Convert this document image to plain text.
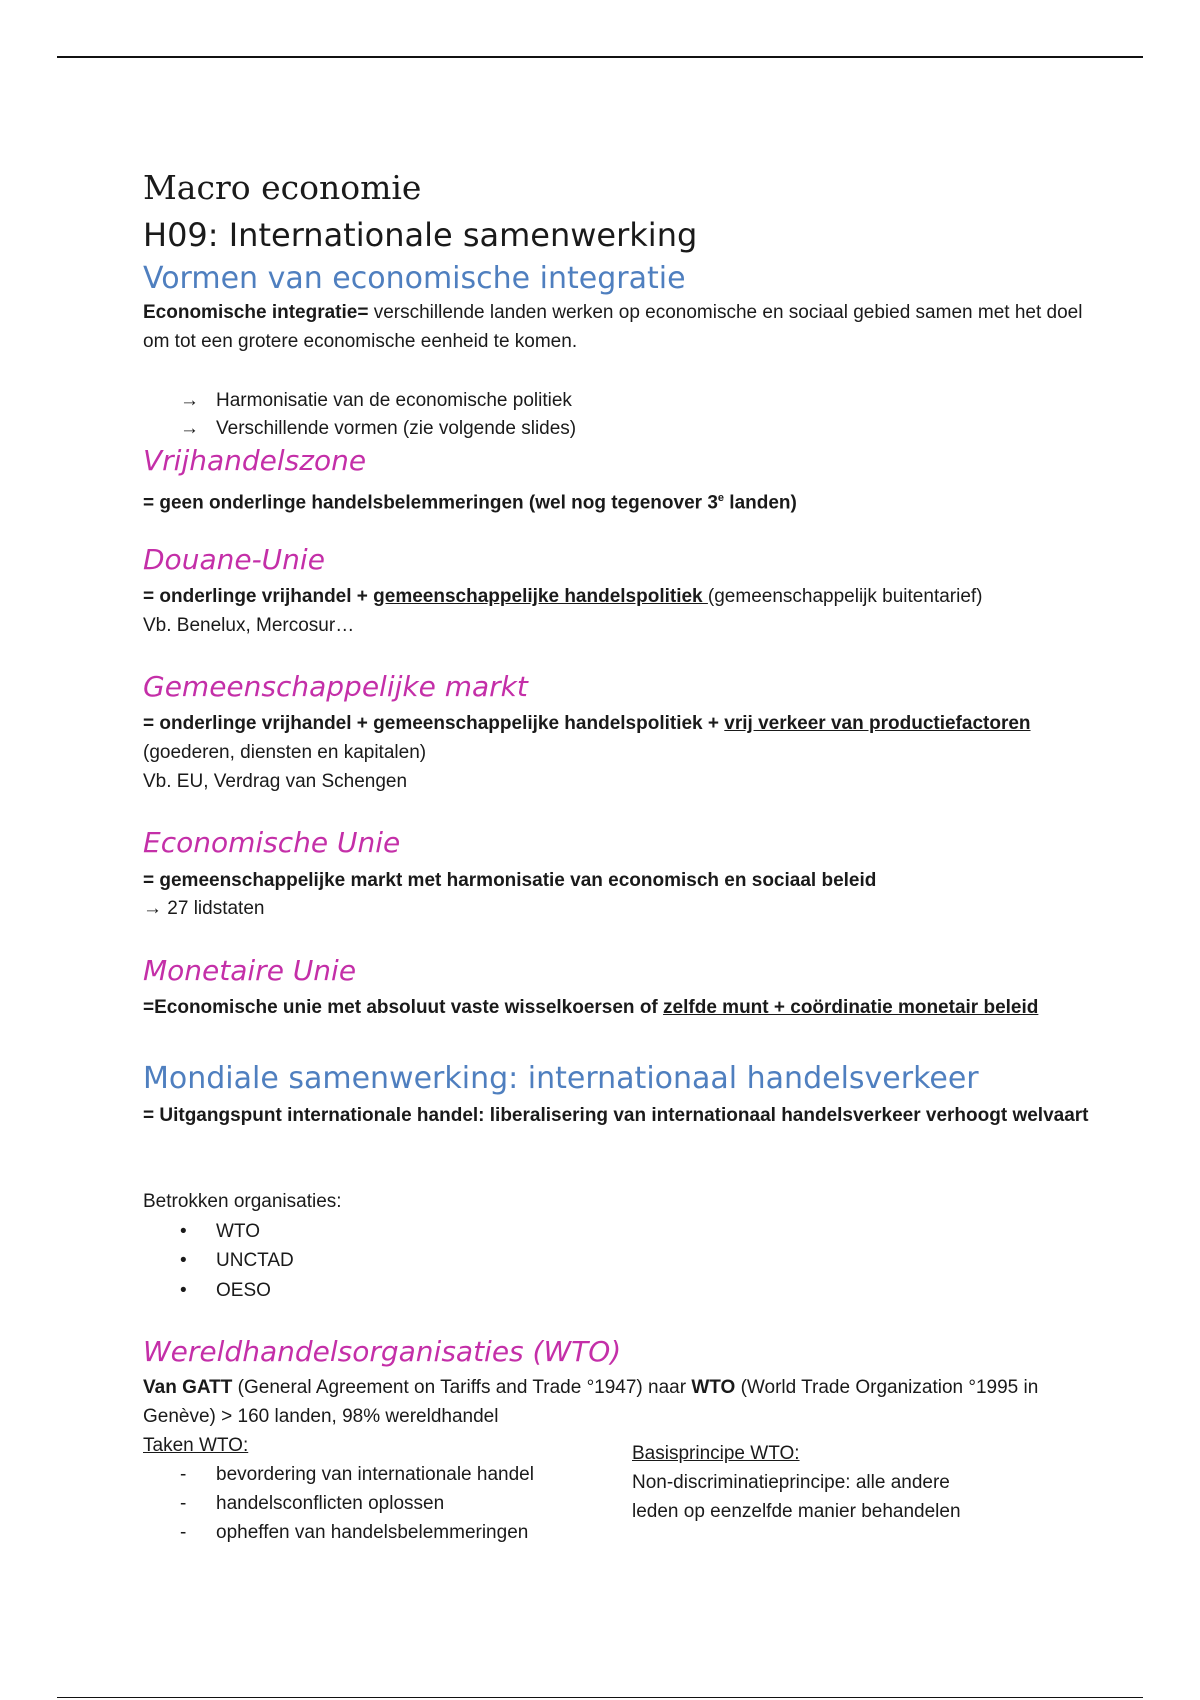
Macro economie
H09: Internationale samenwerking
Vormen van economische integratie
Economische integratie= verschillende landen werken op economische en sociaal gebied samen met het doel om tot een grotere economische eenheid te komen.
→ Harmonisatie van de economische politiek
→ Verschillende vormen (zie volgende slides)
Vrijhandelszone
= geen onderlinge handelsbelemmeringen (wel nog tegenover 3e landen)
Douane-Unie
= onderlinge vrijhandel + gemeenschappelijke handelspolitiek (gemeenschappelijk buitentarief)
Vb. Benelux, Mercosur…
Gemeenschappelijke markt
= onderlinge vrijhandel + gemeenschappelijke handelspolitiek + vrij verkeer van productiefactoren (goederen, diensten en kapitalen)
Vb. EU, Verdrag van Schengen
Economische Unie
= gemeenschappelijke markt met harmonisatie van economisch en sociaal beleid
→ 27 lidstaten
Monetaire Unie
=Economische unie met absoluut vaste wisselkoersen of zelfde munt + coördinatie monetair beleid
Mondiale samenwerking: internationaal handelsverkeer
= Uitgangspunt internationale handel: liberalisering van internationaal handelsverkeer verhoogt welvaart
Betrokken organisaties:
• WTO
• UNCTAD
• OESO
Wereldhandelsorganisaties (WTO)
Van GATT (General Agreement on Tariffs and Trade °1947) naar WTO (World Trade Organization °1995 in Genève) > 160 landen, 98% wereldhandel
Taken WTO:
- bevordering van internationale handel
- handelsconflicten oplossen
- opheffen van handelsbelemmeringen
Basisprincipe WTO:
Non-discriminatieprincipe: alle andere leden op eenzelfde manier behandelen
